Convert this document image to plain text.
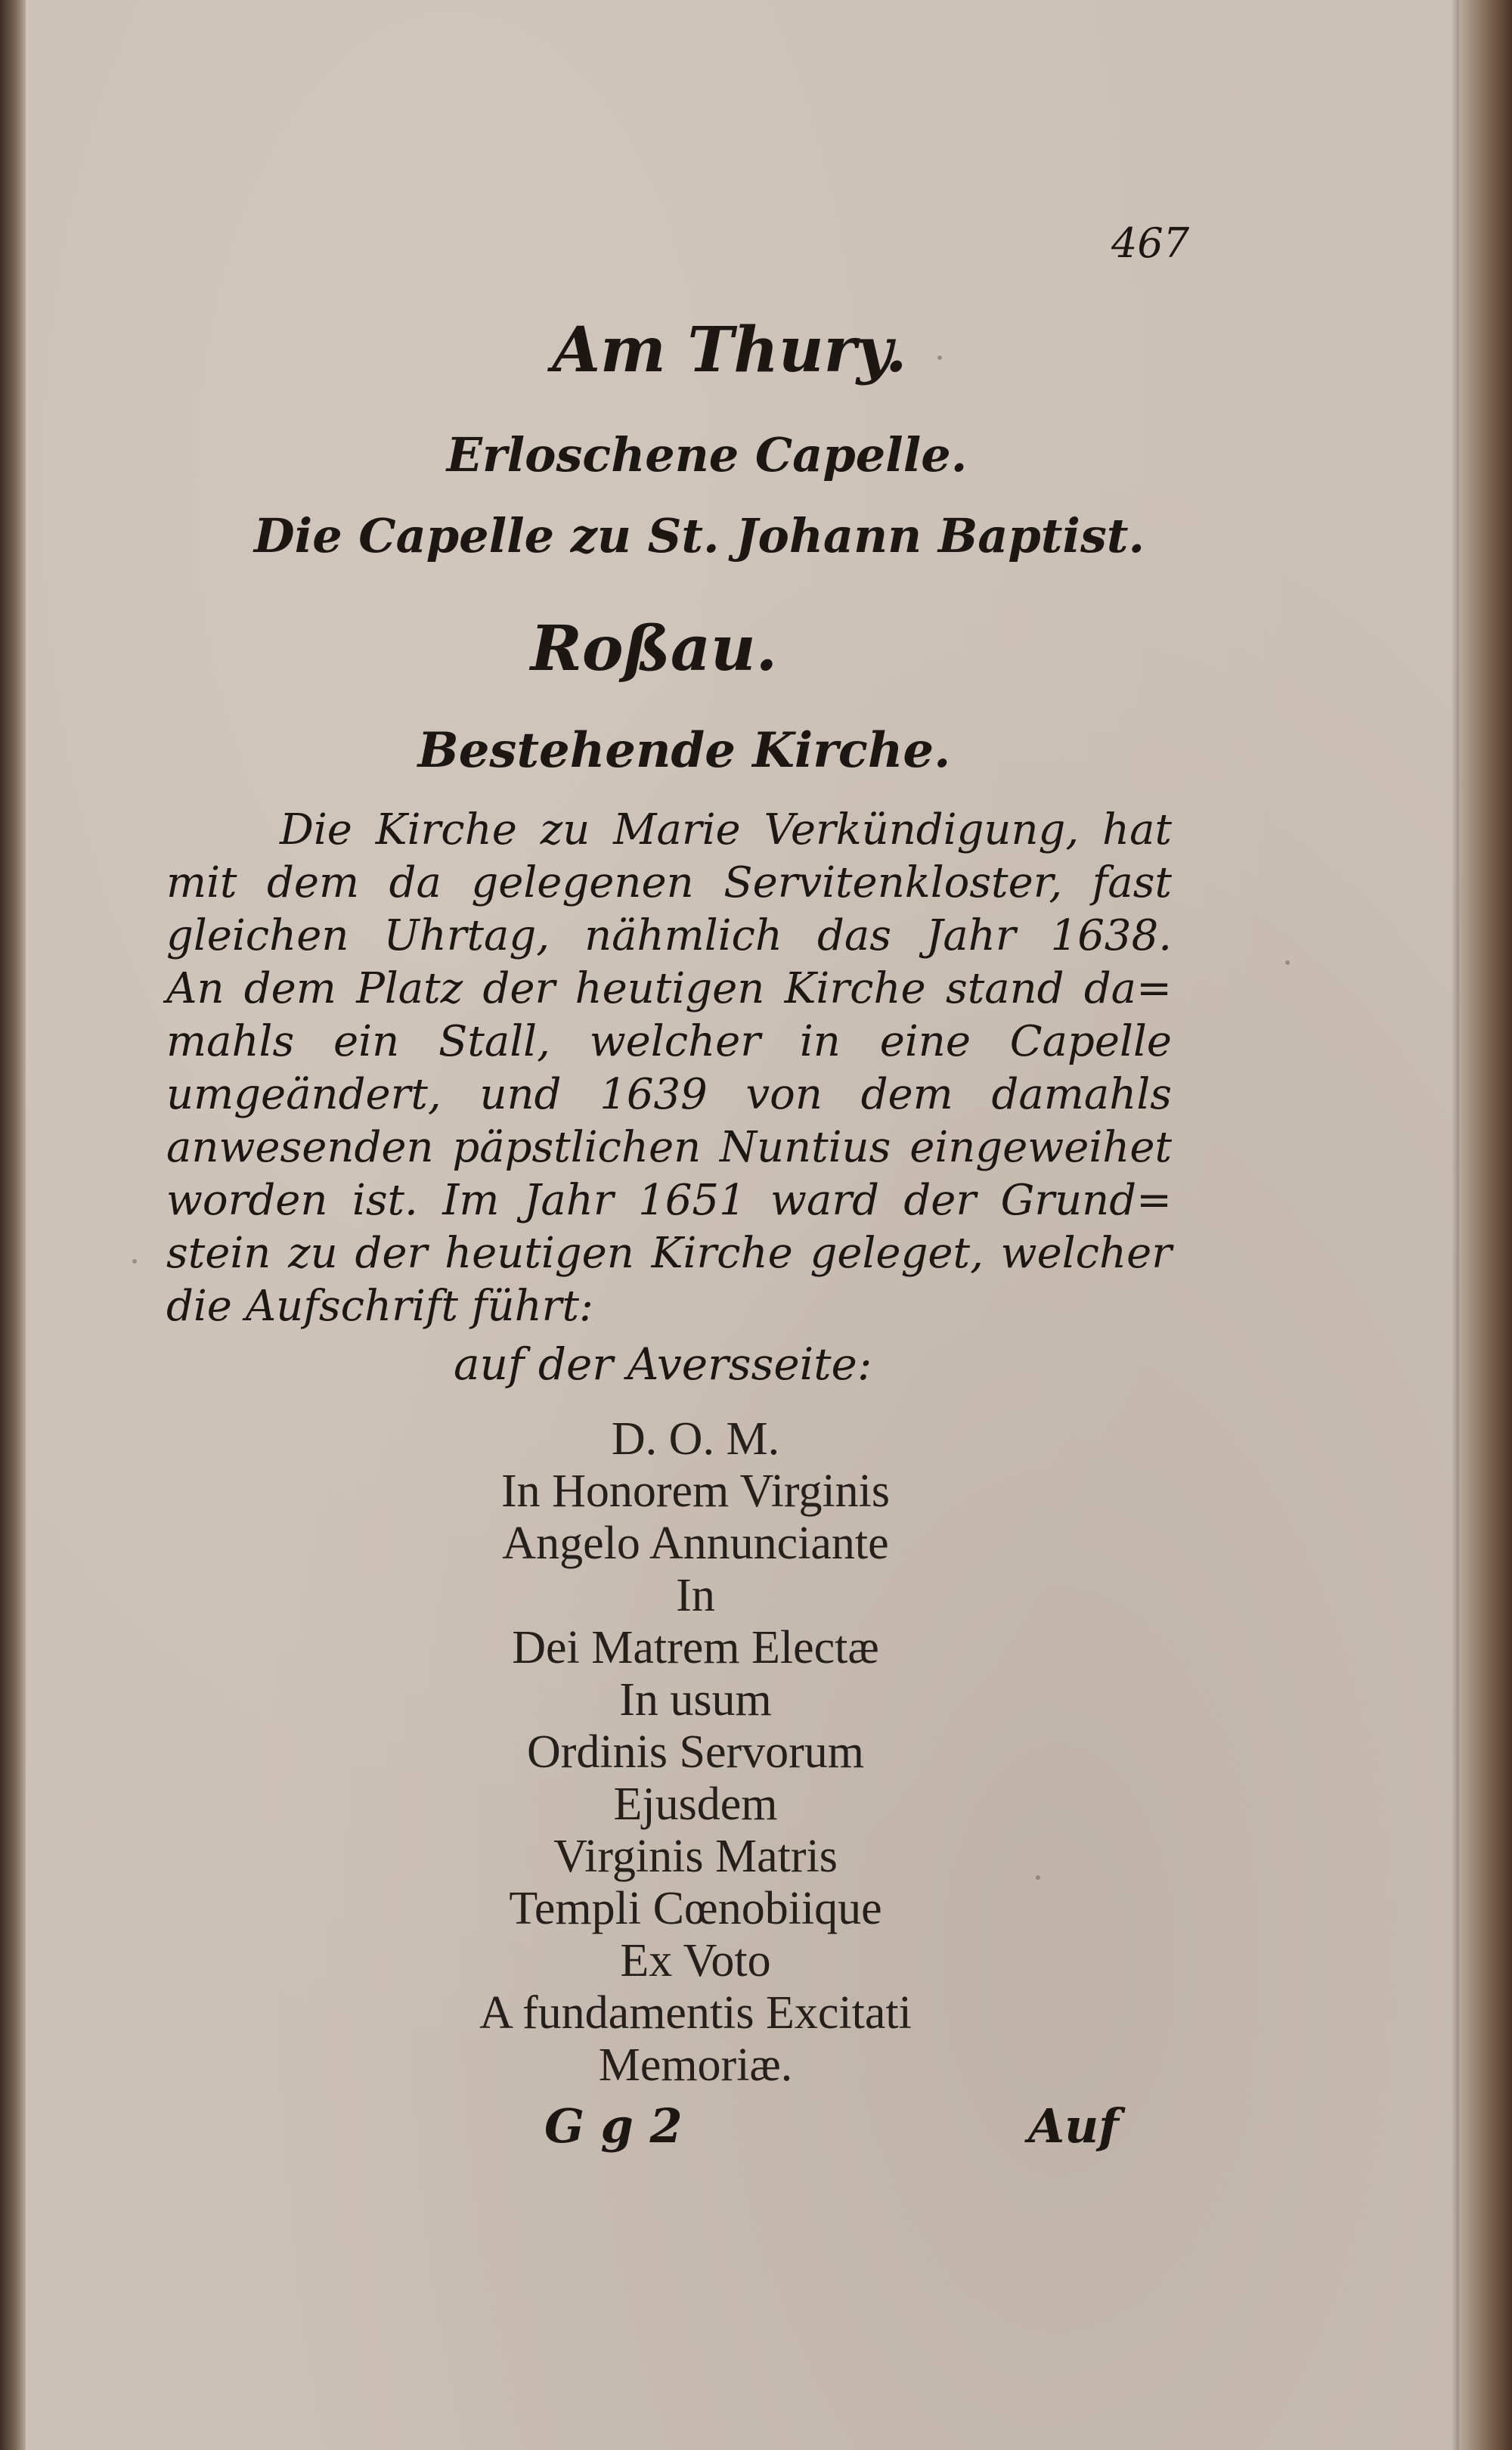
467
Am Thury.
Erloschene Capelle.
Die Capelle zu St. Johann Baptist.
Roßau.
Bestehende Kirche.
Die Kirche zu Marie Verkündigung, hat
mit dem da gelegenen Servitenkloster, fast
gleichen Uhrtag, nähmlich das Jahr 1638.
An dem Platz der heutigen Kirche stand da=
mahls ein Stall, welcher in eine Capelle
umgeändert, und 1639 von dem damahls
anwesenden päpstlichen Nuntius eingeweihet
worden ist. Im Jahr 1651 ward der Grund=
stein zu der heutigen Kirche geleget, welcher
die Aufschrift führt:
auf der Aversseite:
D. O. M.
In Honorem Virginis
Angelo Annunciante
In
Dei Matrem Electæ
In usum
Ordinis Servorum
Ejusdem
Virginis Matris
Templi Cœnobiique
Ex Voto
A fundamentis Excitati
Memoriæ.
G g 2	Auf
